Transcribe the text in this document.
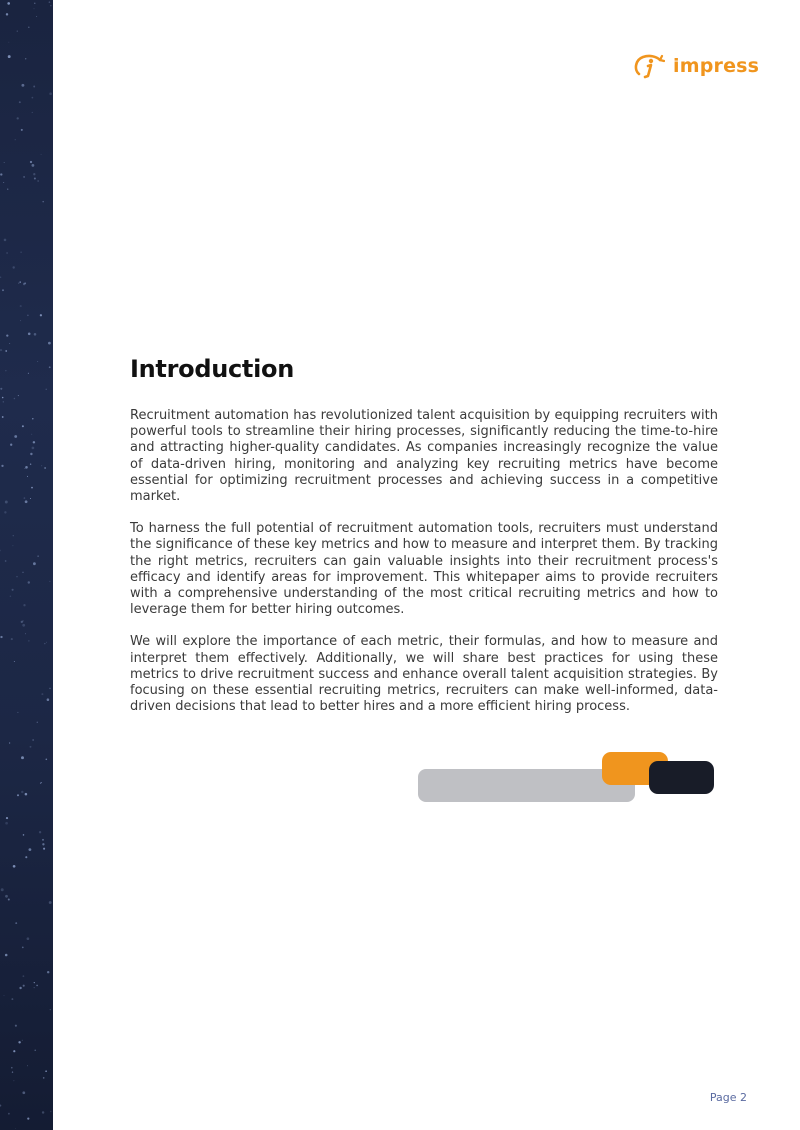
impress
Introduction

Recruitment automation has revolutionized talent acquisition by equipping recruiters with powerful tools to streamline their hiring processes, significantly reducing the time-to-hire and attracting higher-quality candidates. As companies increasingly recognize the value of data-driven hiring, monitoring and analyzing key recruiting metrics have become essential for optimizing recruitment processes and achieving success in a competitive market.

To harness the full potential of recruitment automation tools, recruiters must understand the significance of these key metrics and how to measure and interpret them. By tracking the right metrics, recruiters can gain valuable insights into their recruitment process's efficacy and identify areas for improvement. This whitepaper aims to provide recruiters with a comprehensive understanding of the most critical recruiting metrics and how to leverage them for better hiring outcomes.

We will explore the importance of each metric, their formulas, and how to measure and interpret them effectively. Additionally, we will share best practices for using these metrics to drive recruitment success and enhance overall talent acquisition strategies. By focusing on these essential recruiting metrics, recruiters can make well-informed, data-driven decisions that lead to better hires and a more efficient hiring process.

Page 2
